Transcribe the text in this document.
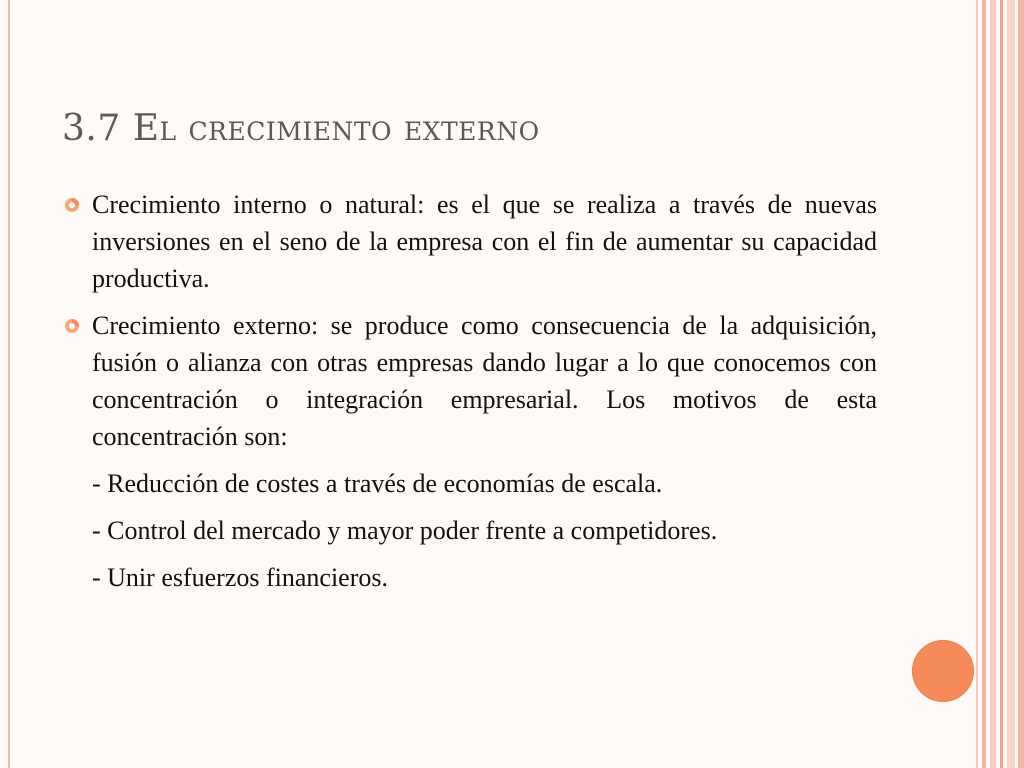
3.7 El crecimiento externo
Crecimiento interno o natural: es el que se realiza a través de nuevas inversiones en el seno de la empresa con el fin de aumentar su capacidad productiva.
Crecimiento externo: se produce como consecuencia de la adquisición, fusión o alianza con otras empresas dando lugar a lo que conocemos con concentración o integración empresarial. Los motivos de esta concentración son:
- Reducción de costes a través de economías de escala.
- Control del mercado y mayor poder frente a competidores.
- Unir esfuerzos financieros.
